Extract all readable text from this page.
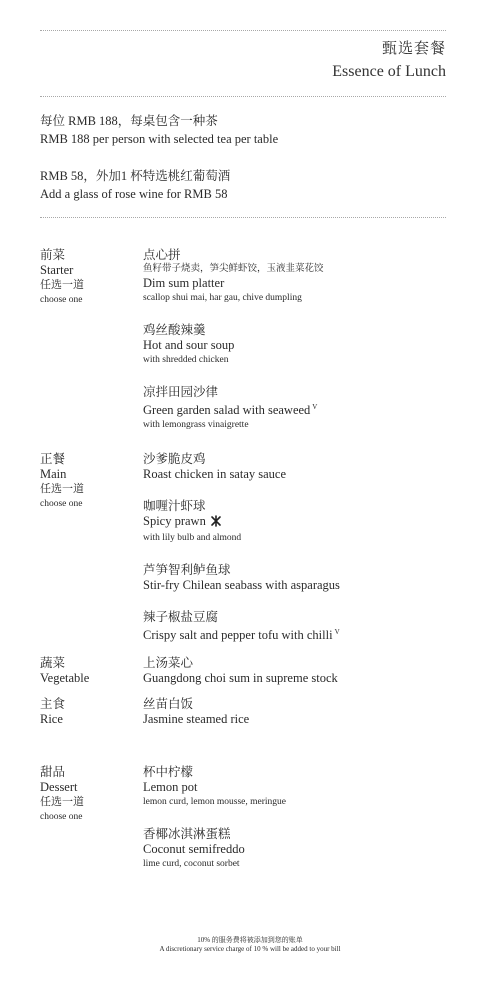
甄选套餐
Essence of Lunch
每位 RMB 188，每桌包含一种茶
RMB 188 per person with selected tea per table
RMB 58，外加1 杯特选桃红葡萄酒
Add a glass of rose wine for RMB 58
前菜
Starter
任选一道
choose one
点心拼
鱼籽带子烧卖，笋尖鲜虾饺，玉液韭菜花饺
Dim sum platter
scallop shui mai, har gau, chive dumpling
鸡丝酸辣羹
Hot and sour soup
with shredded chicken
凉拌田园沙律
Green garden salad with seaweed $^V$
with lemongrass vinaigrette
正餐
Main
任选一道
choose one
沙爹脆皮鸡
Roast chicken in satay sauce
咖喱汁虾球
Spicy prawn
with lily bulb and almond
芦笋智利鲈鱼球
Stir-fry Chilean seabass with asparagus
辣子椒盐豆腐
Crispy salt and pepper tofu with chilli $^V$
蔬菜
Vegetable
上汤菜心
Guangdong choi sum in supreme stock
主食
Rice
丝苗白饭
Jasmine steamed rice
甜品
Dessert
任选一道
choose one
杯中柠檬
Lemon pot
lemon curd, lemon mousse, meringue
香椰冰淇淋蛋糕
Coconut semifreddo
lime curd, coconut sorbet
10% 的服务费将被添加到您的账单
A discretionary service charge of 10 % will be added to your bill
